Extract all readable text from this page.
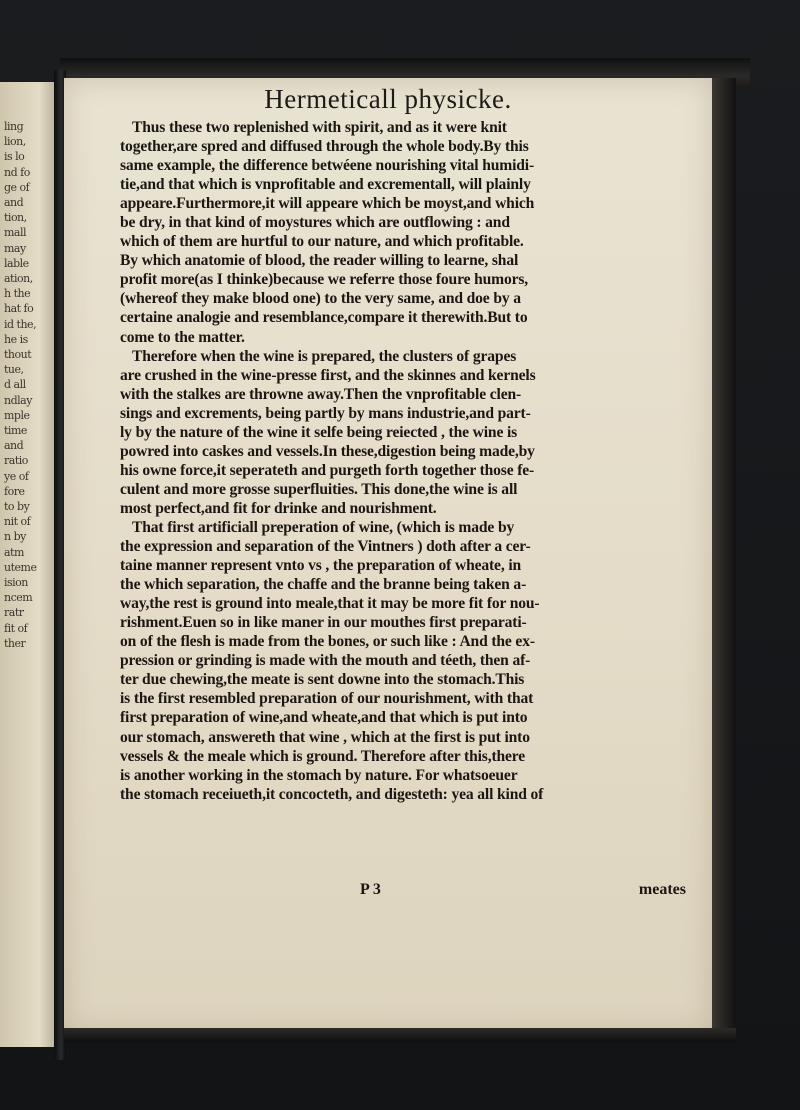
ling
lion,
is lo
nd fo
ge of
and
tion,
mall
may
lable
ation,
h the
hat fo
id the,
he is
thout
tue,
d all
ndlay
mple
time
and
ratio
ye of
fore
to by
nit of
n by
atm
uteme
ision
ncem
ratr
fit of
ther
Hermeticall physicke.
Thus these two replenished with spirit, and as it were knit
together,are spred and diffused through the whole body.By this
same example, the difference betwéene nourishing vital humidi-
tie,and that which is vnprofitable and excrementall, will plainly
appeare.Furthermore,it will appeare which be moyst,and which
be dry, in that kind of moystures which are outflowing : and
which of them are hurtful to our nature, and which profitable.
By which anatomie of blood, the reader willing to learne, shal
profit more(as I thinke)because we referre those foure humors,
(whereof they make blood one) to the very same, and doe by a
certaine analogie and resemblance,compare it therewith.But to
come to the matter.
Therefore when the wine is prepared, the clusters of grapes
are crushed in the wine-presse first, and the skinnes and kernels
with the stalkes are throwne away.Then the vnprofitable clen-
sings and excrements, being partly by mans industrie,and part-
ly by the nature of the wine it selfe being reiected , the wine is
powred into caskes and vessels.In these,digestion being made,by
his owne force,it seperateth and purgeth forth together those fe-
culent and more grosse superfluities. This done,the wine is all
most perfect,and fit for drinke and nourishment.
That first artificiall preperation of wine, (which is made by
the expression and separation of the Vintners ) doth after a cer-
taine manner represent vnto vs , the preparation of wheate, in
the which separation, the chaffe and the branne being taken a-
way,the rest is ground into meale,that it may be more fit for nou-
rishment.Euen so in like maner in our mouthes first preparati-
on of the flesh is made from the bones, or such like : And the ex-
pression or grinding is made with the mouth and téeth, then af-
ter due chewing,the meate is sent downe into the stomach.This
is the first resembled preparation of our nourishment, with that
first preparation of wine,and wheate,and that which is put into
our stomach, answereth that wine , which at the first is put into
vessels & the meale which is ground. Therefore after this,there
is another working in the stomach by nature. For whatsoeuer
the stomach receiueth,it concocteth, and digesteth: yea all kind of
P 3	meates
